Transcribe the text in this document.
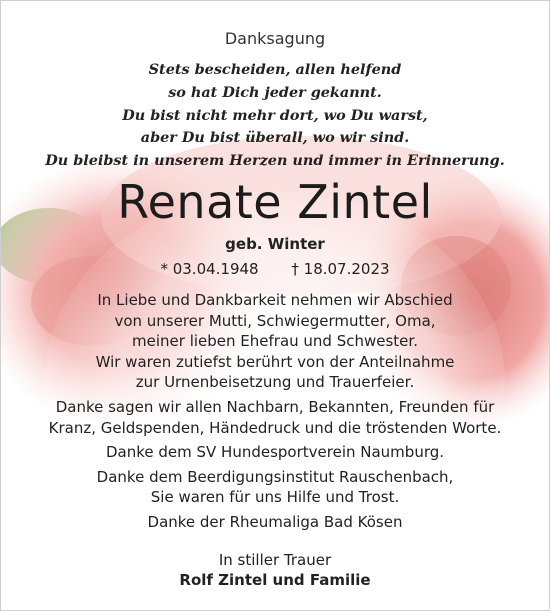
Danksagung
Stets bescheiden, allen helfend
so hat Dich jeder gekannt.
Du bist nicht mehr dort, wo Du warst,
aber Du bist überall, wo wir sind.
Du bleibst in unserem Herzen und immer in Erinnerung.
Renate Zintel
geb. Winter
* 03.04.1948 † 18.07.2023

In Liebe und Dankbarkeit nehmen wir Abschied
von unserer Mutti, Schwiegermutter, Oma,
meiner lieben Ehefrau und Schwester.
Wir waren zutiefst berührt von der Anteilnahme
zur Urnenbeisetzung und Trauerfeier.

Danke sagen wir allen Nachbarn, Bekannten, Freunden für
Kranz, Geldspenden, Händedruck und die tröstenden Worte.

Danke dem SV Hundesportverein Naumburg.

Danke dem Beerdigungsinstitut Rauschenbach,
Sie waren für uns Hilfe und Trost.

Danke der Rheumaliga Bad Kösen

In stiller Trauer
Rolf Zintel und Familie
